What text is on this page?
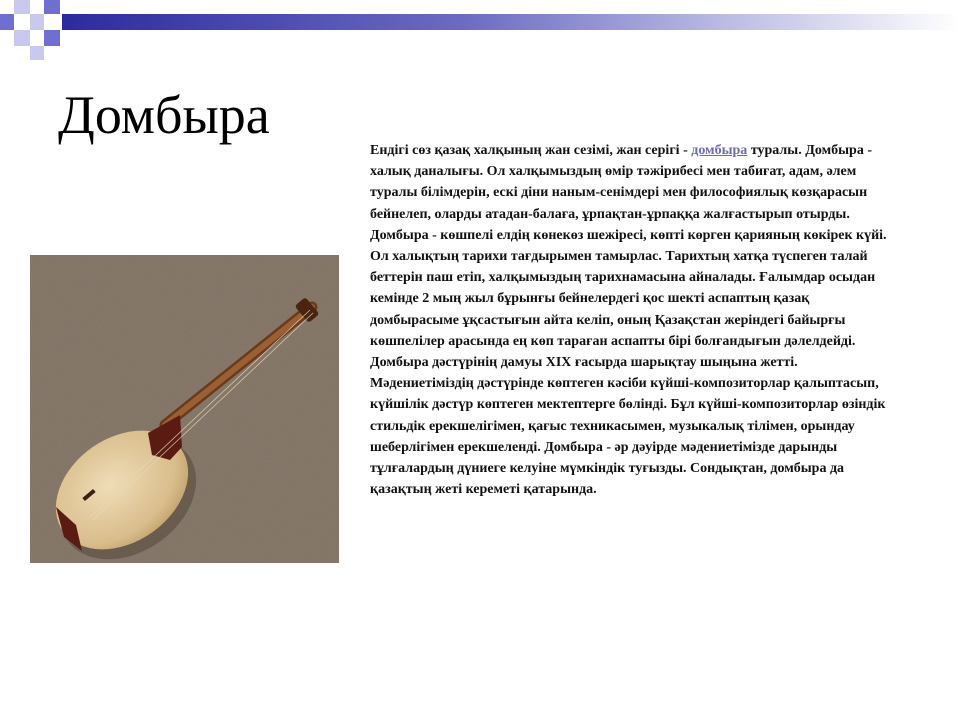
Домбыра

Ендігі сөз қазақ халқының жан сезімі, жан серігі - домбыра туралы. Домбыра - халық даналығы. Ол халқымыздың өмір тәжірибесі мен табиғат, адам, әлем туралы білімдерін, ескі діни наным-сенімдері мен философиялық көзқарасын бейнелеп, оларды атадан-балаға, ұрпақтан-ұрпаққа жалғастырып отырды. Домбыра - көшпелі елдің көнекөз шежіресі, көпті көрген қарияның көкірек күйі. Ол халықтың тарихи тағдырымен тамырлас. Тарихтың хатқа түспеген талай беттерін паш етіп, халқымыздың тарихнамасына айналады. Ғалымдар осыдан кемінде 2 мың жыл бұрынғы бейнелердегі қос шекті аспаптың қазақ домбырасыме ұқсастығын айта келіп, оның Қазақстан жеріндегі байырғы көшпелілер арасында ең көп тараған аспапты бірі болғандығын дәлелдейді. Домбыра дәстүрінің дамуы ХІХ ғасырда шарықтау шыңына жетті. Мәдениетіміздің дәстүрінде көптеген кәсіби күйші-композиторлар қалыптасып, күйшілік дәстүр көптеген мектептерге бөлінді. Бұл күйші-композиторлар өзіндік стильдік ерекшелігімен, қағыс техникасымен, музыкалық тілімен, орындау шеберлігімен ерекшеленді. Домбыра - әр дәуірде мәдениетімізде дарынды тұлғалардың дүниеге келуіне мүмкіндік туғызды. Сондықтан, домбыра да қазақтың жеті кереметі қатарында.
